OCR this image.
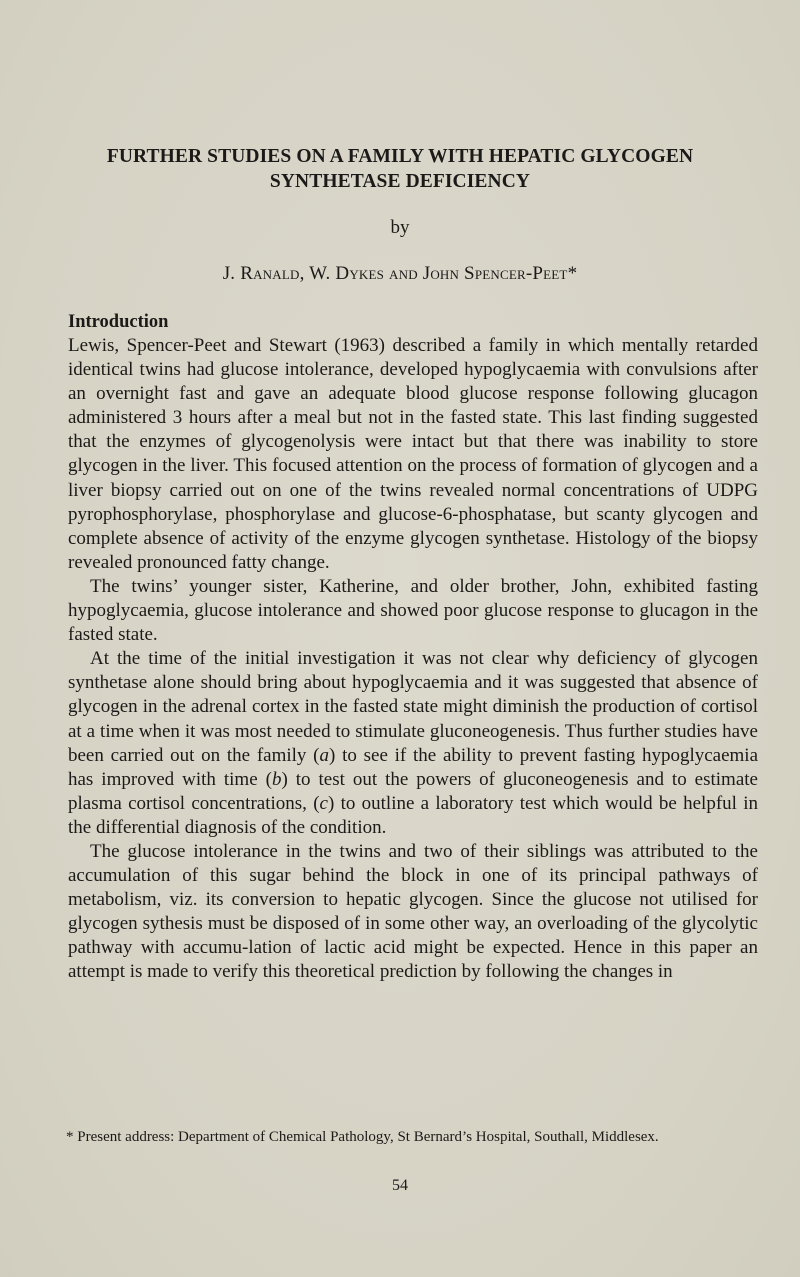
FURTHER STUDIES ON A FAMILY WITH HEPATIC GLYCOGEN
SYNTHETASE DEFICIENCY
by
J. Ranald, W. Dykes and John Spencer-Peet*
Introduction

Lewis, Spencer-Peet and Stewart (1963) described a family in which mentally retarded identical twins had glucose intolerance, developed hypoglycaemia with convulsions after an overnight fast and gave an adequate blood glucose response following glucagon administered 3 hours after a meal but not in the fasted state. This last finding suggested that the enzymes of glycogenolysis were intact but that there was inability to store glycogen in the liver. This focused attention on the process of formation of glycogen and a liver biopsy carried out on one of the twins revealed normal concentrations of UDPG pyrophosphorylase, phosphorylase and glucose-6-phosphatase, but scanty glycogen and complete absence of activity of the enzyme glycogen synthetase. Histology of the biopsy revealed pronounced fatty change.

The twins’ younger sister, Katherine, and older brother, John, exhibited fasting hypoglycaemia, glucose intolerance and showed poor glucose response to glucagon in the fasted state.

At the time of the initial investigation it was not clear why deficiency of glycogen synthetase alone should bring about hypoglycaemia and it was suggested that absence of glycogen in the adrenal cortex in the fasted state might diminish the production of cortisol at a time when it was most needed to stimulate gluconeogenesis. Thus further studies have been carried out on the family (a) to see if the ability to prevent fasting hypoglycaemia has improved with time (b) to test out the powers of gluconeogenesis and to estimate plasma cortisol concentrations, (c) to outline a laboratory test which would be helpful in the differential diagnosis of the condition.

The glucose intolerance in the twins and two of their siblings was attributed to the accumulation of this sugar behind the block in one of its principal pathways of metabolism, viz. its conversion to hepatic glycogen. Since the glucose not utilised for glycogen sythesis must be disposed of in some other way, an overloading of the glycolytic pathway with accumu-lation of lactic acid might be expected. Hence in this paper an attempt is made to verify this theoretical prediction by following the changes in

* Present address: Department of Chemical Pathology, St Bernard’s Hospital, Southall, Middlesex.
54
